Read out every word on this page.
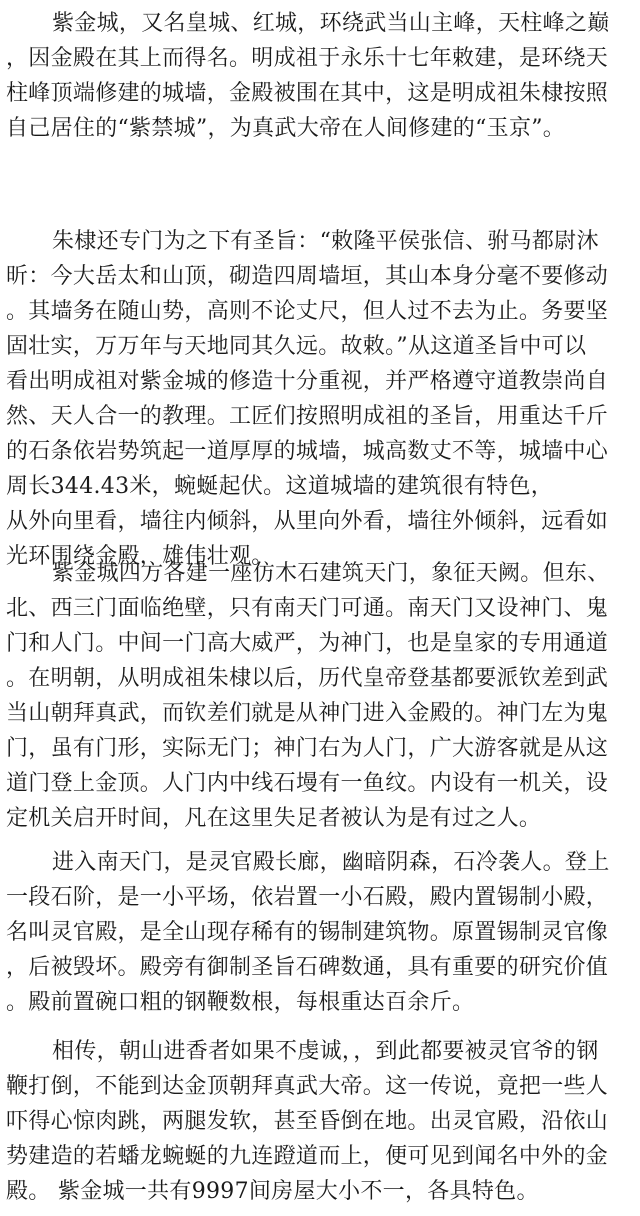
紫金城，又名皇城、红城，环绕武当山主峰，天柱峰之巅
，因金殿在其上而得名。明成祖于永乐十七年敕建，是环绕天
柱峰顶端修建的城墙，金殿被围在其中，这是明成祖朱棣按照
自己居住的“紫禁城”，为真武大帝在人间修建的“玉京”。
朱棣还专门为之下有圣旨：“敕隆平侯张信、驸马都尉沐
昕：今大岳太和山顶，砌造四周墙垣，其山本身分毫不要修动
。其墙务在随山势，高则不论丈尺，但人过不去为止。务要坚
固壮实，万万年与天地同其久远。故敕。”从这道圣旨中可以
看出明成祖对紫金城的修造十分重视，并严格遵守道教崇尚自
然、天人合一的教理。工匠们按照明成祖的圣旨，用重达千斤
的石条依岩势筑起一道厚厚的城墙，城高数丈不等，城墙中心
周长344.43米，蜿蜒起伏。这道城墙的建筑很有特色，
从外向里看，墙往内倾斜，从里向外看，墙往外倾斜，远看如
光环围绕金殿，雄伟壮观。
紫金城四方各建一座仿木石建筑天门，象征天阙。但东、
北、西三门面临绝壁，只有南天门可通。南天门又设神门、鬼
门和人门。中间一门高大威严，为神门，也是皇家的专用通道
。在明朝，从明成祖朱棣以后，历代皇帝登基都要派钦差到武
当山朝拜真武，而钦差们就是从神门进入金殿的。神门左为鬼
门，虽有门形，实际无门；神门右为人门，广大游客就是从这
道门登上金顶。人门内中线石墁有一鱼纹。内设有一机关，设
定机关启开时间，凡在这里失足者被认为是有过之人。
进入南天门，是灵官殿长廊，幽暗阴森，石冷袭人。登上
一段石阶，是一小平场，依岩置一小石殿，殿内置锡制小殿，
名叫灵官殿，是全山现存稀有的锡制建筑物。原置锡制灵官像
，后被毁坏。殿旁有御制圣旨石碑数通，具有重要的研究价值
。殿前置碗口粗的钢鞭数根，每根重达百余斤。
相传，朝山进香者如果不虔诚，，到此都要被灵官爷的钢
鞭打倒，不能到达金顶朝拜真武大帝。这一传说，竟把一些人
吓得心惊肉跳，两腿发软，甚至昏倒在地。出灵官殿，沿依山
势建造的若蟠龙蜿蜒的九连蹬道而上，便可见到闻名中外的金
殿。 紫金城一共有9997间房屋大小不一，各具特色。
